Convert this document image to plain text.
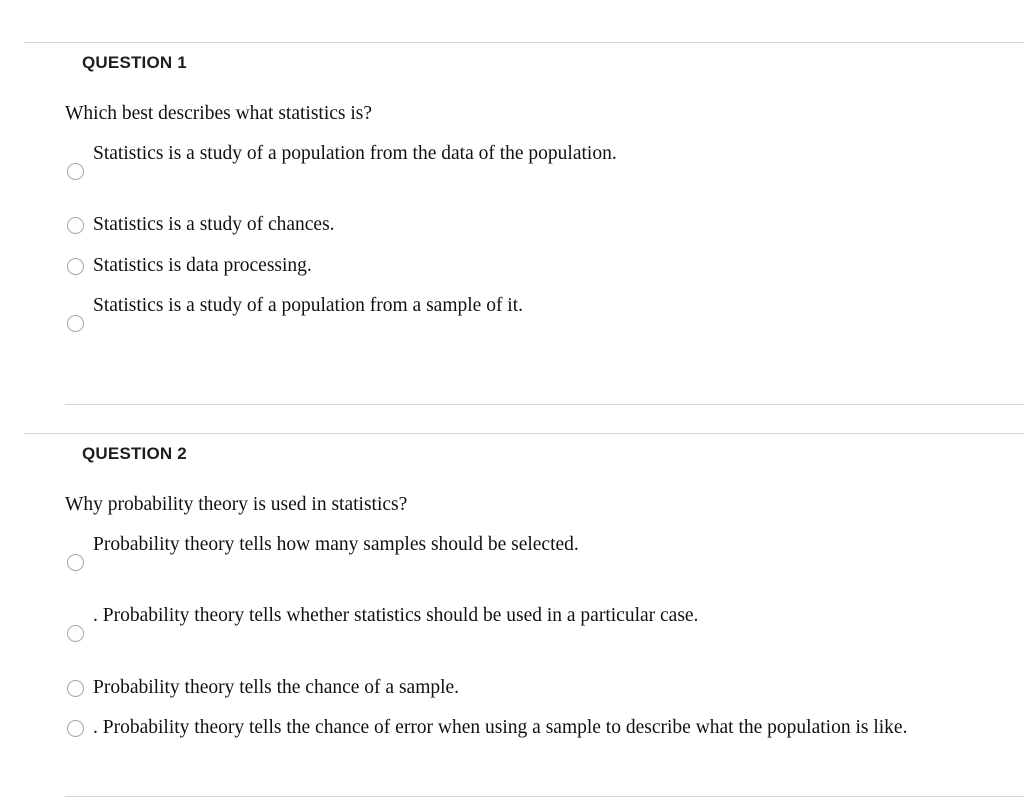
QUESTION 1
Which best describes what statistics is?
Statistics is a study of a population from the data of the population.
Statistics is a study of chances.
Statistics is data processing.
Statistics is a study of a population from a sample of it.
QUESTION 2
Why probability theory is used in statistics?
Probability theory tells how many samples should be selected.
. Probability theory tells whether statistics should be used in a particular case.
Probability theory tells the chance of a sample.
. Probability theory tells the chance of error when using a sample to describe what the population is like.
